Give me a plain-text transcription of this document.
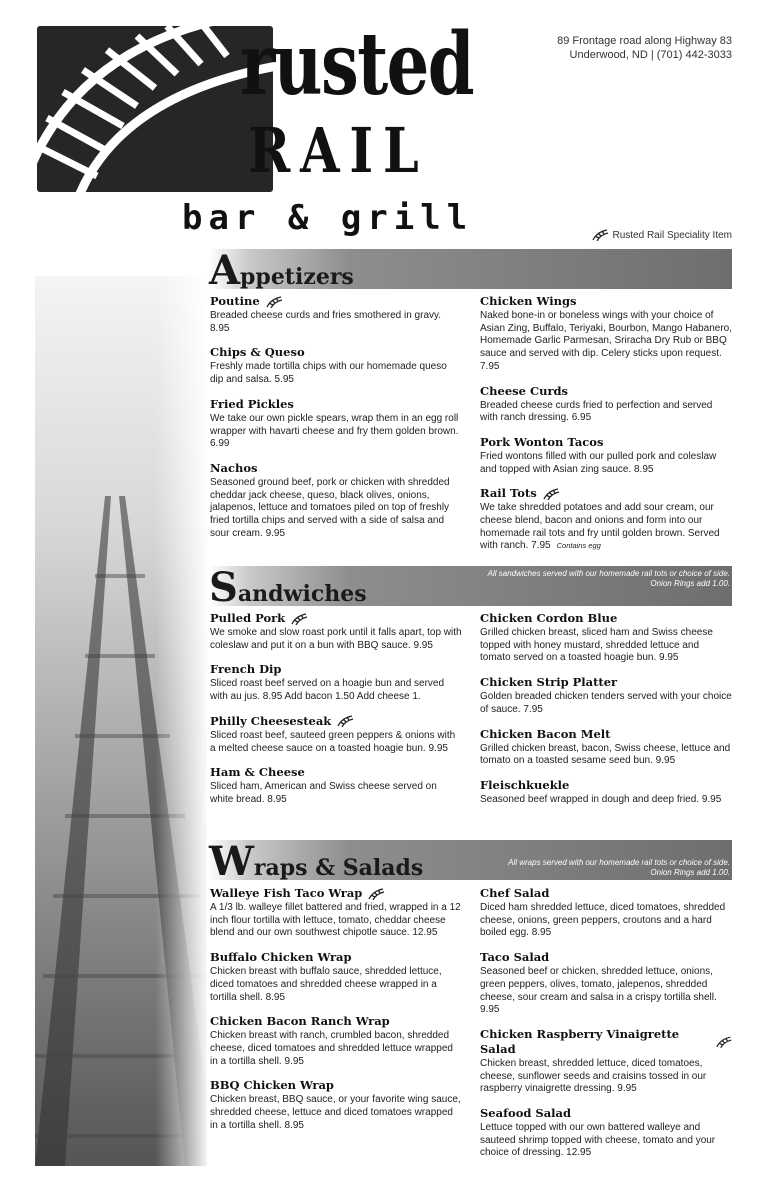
rusted
RAIL
bar & grill
89 Frontage road along Highway 83
Underwood, ND | (701) 442-3033
Rusted Rail Speciality Item
Appetizers
Poutine
Breaded cheese curds and fries smothered in gravy. 8.95
Chips & Queso
Freshly made tortilla chips with our homemade queso dip and salsa. 5.95
Fried Pickles
We take our own pickle spears, wrap them in an egg roll wrapper with havarti cheese and fry them golden brown. 6.99
Nachos
Seasoned ground beef, pork or chicken with shredded cheddar jack cheese, queso, black olives, onions, jalapenos, lettuce and tomatoes piled on top of freshly fried tortilla chips and served with a side of salsa and sour cream. 9.95
Chicken Wings
Naked bone-in or boneless wings with your choice of Asian Zing, Buffalo, Teriyaki, Bourbon, Mango Habanero, Homemade Garlic Parmesan, Sriracha Dry Rub or BBQ sauce and served with dip. Celery sticks upon request. 7.95
Cheese Curds
Breaded cheese curds fried to perfection and served with ranch dressing. 6.95
Pork Wonton Tacos
Fried wontons filled with our pulled pork and coleslaw and topped with Asian zing sauce. 8.95
Rail Tots
We take shredded potatoes and add sour cream, our cheese blend, bacon and onions and form into our homemade rail tots and fry until golden brown. Served with ranch. 7.95 Contains egg
Sandwiches
All sandwiches served with our homemade rail tots or choice of side.
Onion Rings add 1.00.
Pulled Pork
We smoke and slow roast pork until it falls apart, top with coleslaw and put it on a bun with BBQ sauce. 9.95
French Dip
Sliced roast beef served on a hoagie bun and served with au jus. 8.95 Add bacon 1.50 Add cheese 1.
Philly Cheesesteak
Sliced roast beef, sauteed green peppers & onions with a melted cheese sauce on a toasted hoagie bun. 9.95
Ham & Cheese
Sliced ham, American and Swiss cheese served on white bread. 8.95
Chicken Cordon Blue
Grilled chicken breast, sliced ham and Swiss cheese topped with honey mustard, shredded lettuce and tomato served on a toasted hoagie bun. 9.95
Chicken Strip Platter
Golden breaded chicken tenders served with your choice of sauce. 7.95
Chicken Bacon Melt
Grilled chicken breast, bacon, Swiss cheese, lettuce and tomato on a toasted sesame seed bun. 9.95
Fleischkuekle
Seasoned beef wrapped in dough and deep fried. 9.95
Wraps & Salads	All wraps served with our homemade rail tots or choice of side.
Onion Rings add 1.00.
Walleye Fish Taco Wrap
A 1/3 lb. walleye fillet battered and fried, wrapped in a 12 inch flour tortilla with lettuce, tomato, cheddar cheese blend and our own southwest chipotle sauce. 12.95
Buffalo Chicken Wrap
Chicken breast with buffalo sauce, shredded lettuce, diced tomatoes and shredded cheese wrapped in a tortilla shell. 8.95
Chicken Bacon Ranch Wrap
Chicken breast with ranch, crumbled bacon, shredded cheese, diced tomatoes and shredded lettuce wrapped in a tortilla shell. 9.95
BBQ Chicken Wrap
Chicken breast, BBQ sauce, or your favorite wing sauce, shredded cheese, lettuce and diced tomatoes wrapped in a tortilla shell. 8.95
Chef Salad
Diced ham shredded lettuce, diced tomatoes, shredded cheese, onions, green peppers, croutons and a hard boiled egg. 8.95
Taco Salad
Seasoned beef or chicken, shredded lettuce, onions, green peppers, olives, tomato, jalepenos, shredded cheese, sour cream and salsa in a crispy tortilla shell. 9.95
Chicken Raspberry Vinaigrette Salad
Chicken breast, shredded lettuce, diced tomatoes, cheese, sunflower seeds and craisins tossed in our raspberry vinaigrette dressing. 9.95
Seafood Salad
Lettuce topped with our own battered walleye and sauteed shrimp topped with cheese, tomato and your choice of dressing. 12.95
